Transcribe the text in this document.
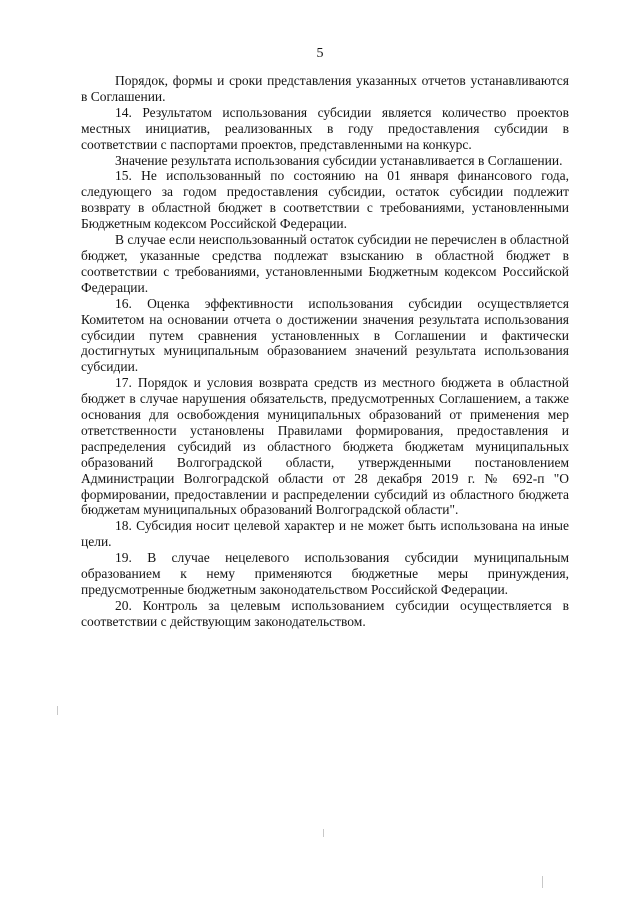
5

Порядок, формы и сроки представления указанных отчетов устанавливаются в Соглашении.

14. Результатом использования субсидии является количество проектов местных инициатив, реализованных в году предоставления субсидии в соответствии с паспортами проектов, представленными на конкурс.

Значение результата использования субсидии устанавливается в Соглашении.

15. Не использованный по состоянию на 01 января финансового года, следующего за годом предоставления субсидии, остаток субсидии подлежит возврату в областной бюджет в соответствии с требованиями, установленными Бюджетным кодексом Российской Федерации.

В случае если неиспользованный остаток субсидии не перечислен в областной бюджет, указанные средства подлежат взысканию в областной бюджет в соответствии с требованиями, установленными Бюджетным кодексом Российской Федерации.

16. Оценка эффективности использования субсидии осуществляется Комитетом на основании отчета о достижении значения результата использования субсидии путем сравнения установленных в Соглашении и фактически достигнутых муниципальным образованием значений результата использования субсидии.

17. Порядок и условия возврата средств из местного бюджета в областной бюджет в случае нарушения обязательств, предусмотренных Соглашением, а также основания для освобождения муниципальных образований от применения мер ответственности установлены Правилами формирования, предоставления и распределения субсидий из областного бюджета бюджетам муниципальных образований Волгоградской области, утвержденными постановлением Администрации Волгоградской области от 28 декабря 2019 г. № 692-п "О формировании, предоставлении и распределении субсидий из областного бюджета бюджетам муниципальных образований Волгоградской области".

18. Субсидия носит целевой характер и не может быть использована на иные цели.

19. В случае нецелевого использования субсидии муниципальным образованием к нему применяются бюджетные меры принуждения, предусмотренные бюджетным законодательством Российской Федерации.

20. Контроль за целевым использованием субсидии осуществляется в соответствии с действующим законодательством.
